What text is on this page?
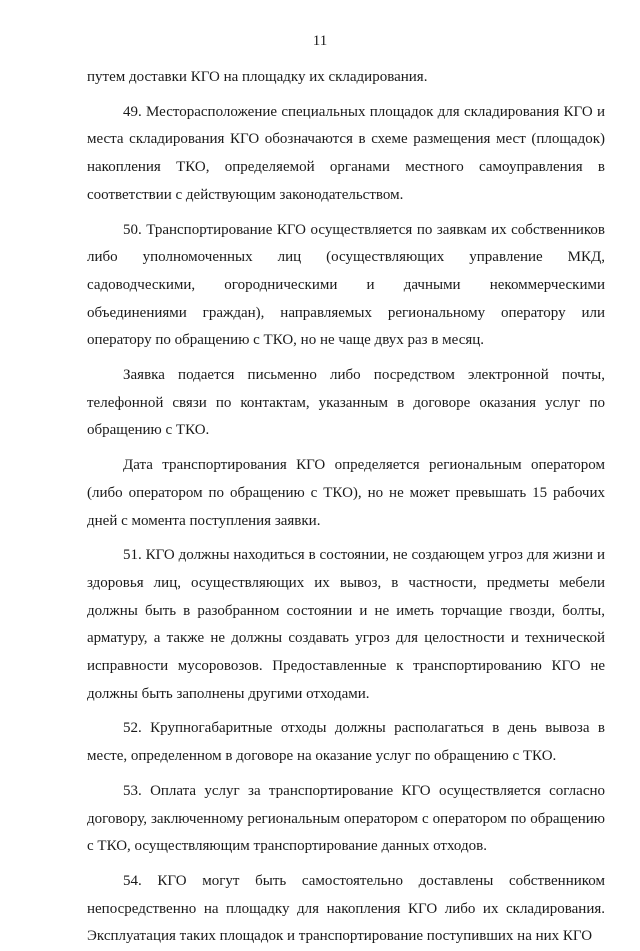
11

путем доставки КГО на площадку их складирования.

49. Месторасположение специальных площадок для складирования КГО и места складирования КГО обозначаются в схеме размещения мест (площадок) накопления ТКО, определяемой органами местного самоуправления в соответствии с действующим законодательством.

50. Транспортирование КГО осуществляется по заявкам их собственников либо уполномоченных лиц (осуществляющих управление МКД, садоводческими, огородническими и дачными некоммерческими объединениями граждан), направляемых региональному оператору или оператору по обращению с ТКО, но не чаще двух раз в месяц.

Заявка подается письменно либо посредством электронной почты, телефонной связи по контактам, указанным в договоре оказания услуг по обращению с ТКО.

Дата транспортирования КГО определяется региональным оператором (либо оператором по обращению с ТКО), но не может превышать 15 рабочих дней с момента поступления заявки.

51. КГО должны находиться в состоянии, не создающем угроз для жизни и здоровья лиц, осуществляющих их вывоз, в частности, предметы мебели должны быть в разобранном состоянии и не иметь торчащие гвозди, болты, арматуру, а также не должны создавать угроз для целостности и технической исправности мусоровозов. Предоставленные к транспортированию КГО не должны быть заполнены другими отходами.

52. Крупногабаритные отходы должны располагаться в день вывоза в месте, определенном в договоре на оказание услуг по обращению с ТКО.

53. Оплата услуг за транспортирование КГО осуществляется согласно договору, заключенному региональным оператором с оператором по обращению с ТКО, осуществляющим транспортирование данных отходов.

54. КГО могут быть самостоятельно доставлены собственником непосредственно на площадку для накопления КГО либо их складирования. Эксплуатация таких площадок и транспортирование поступивших на них КГО
